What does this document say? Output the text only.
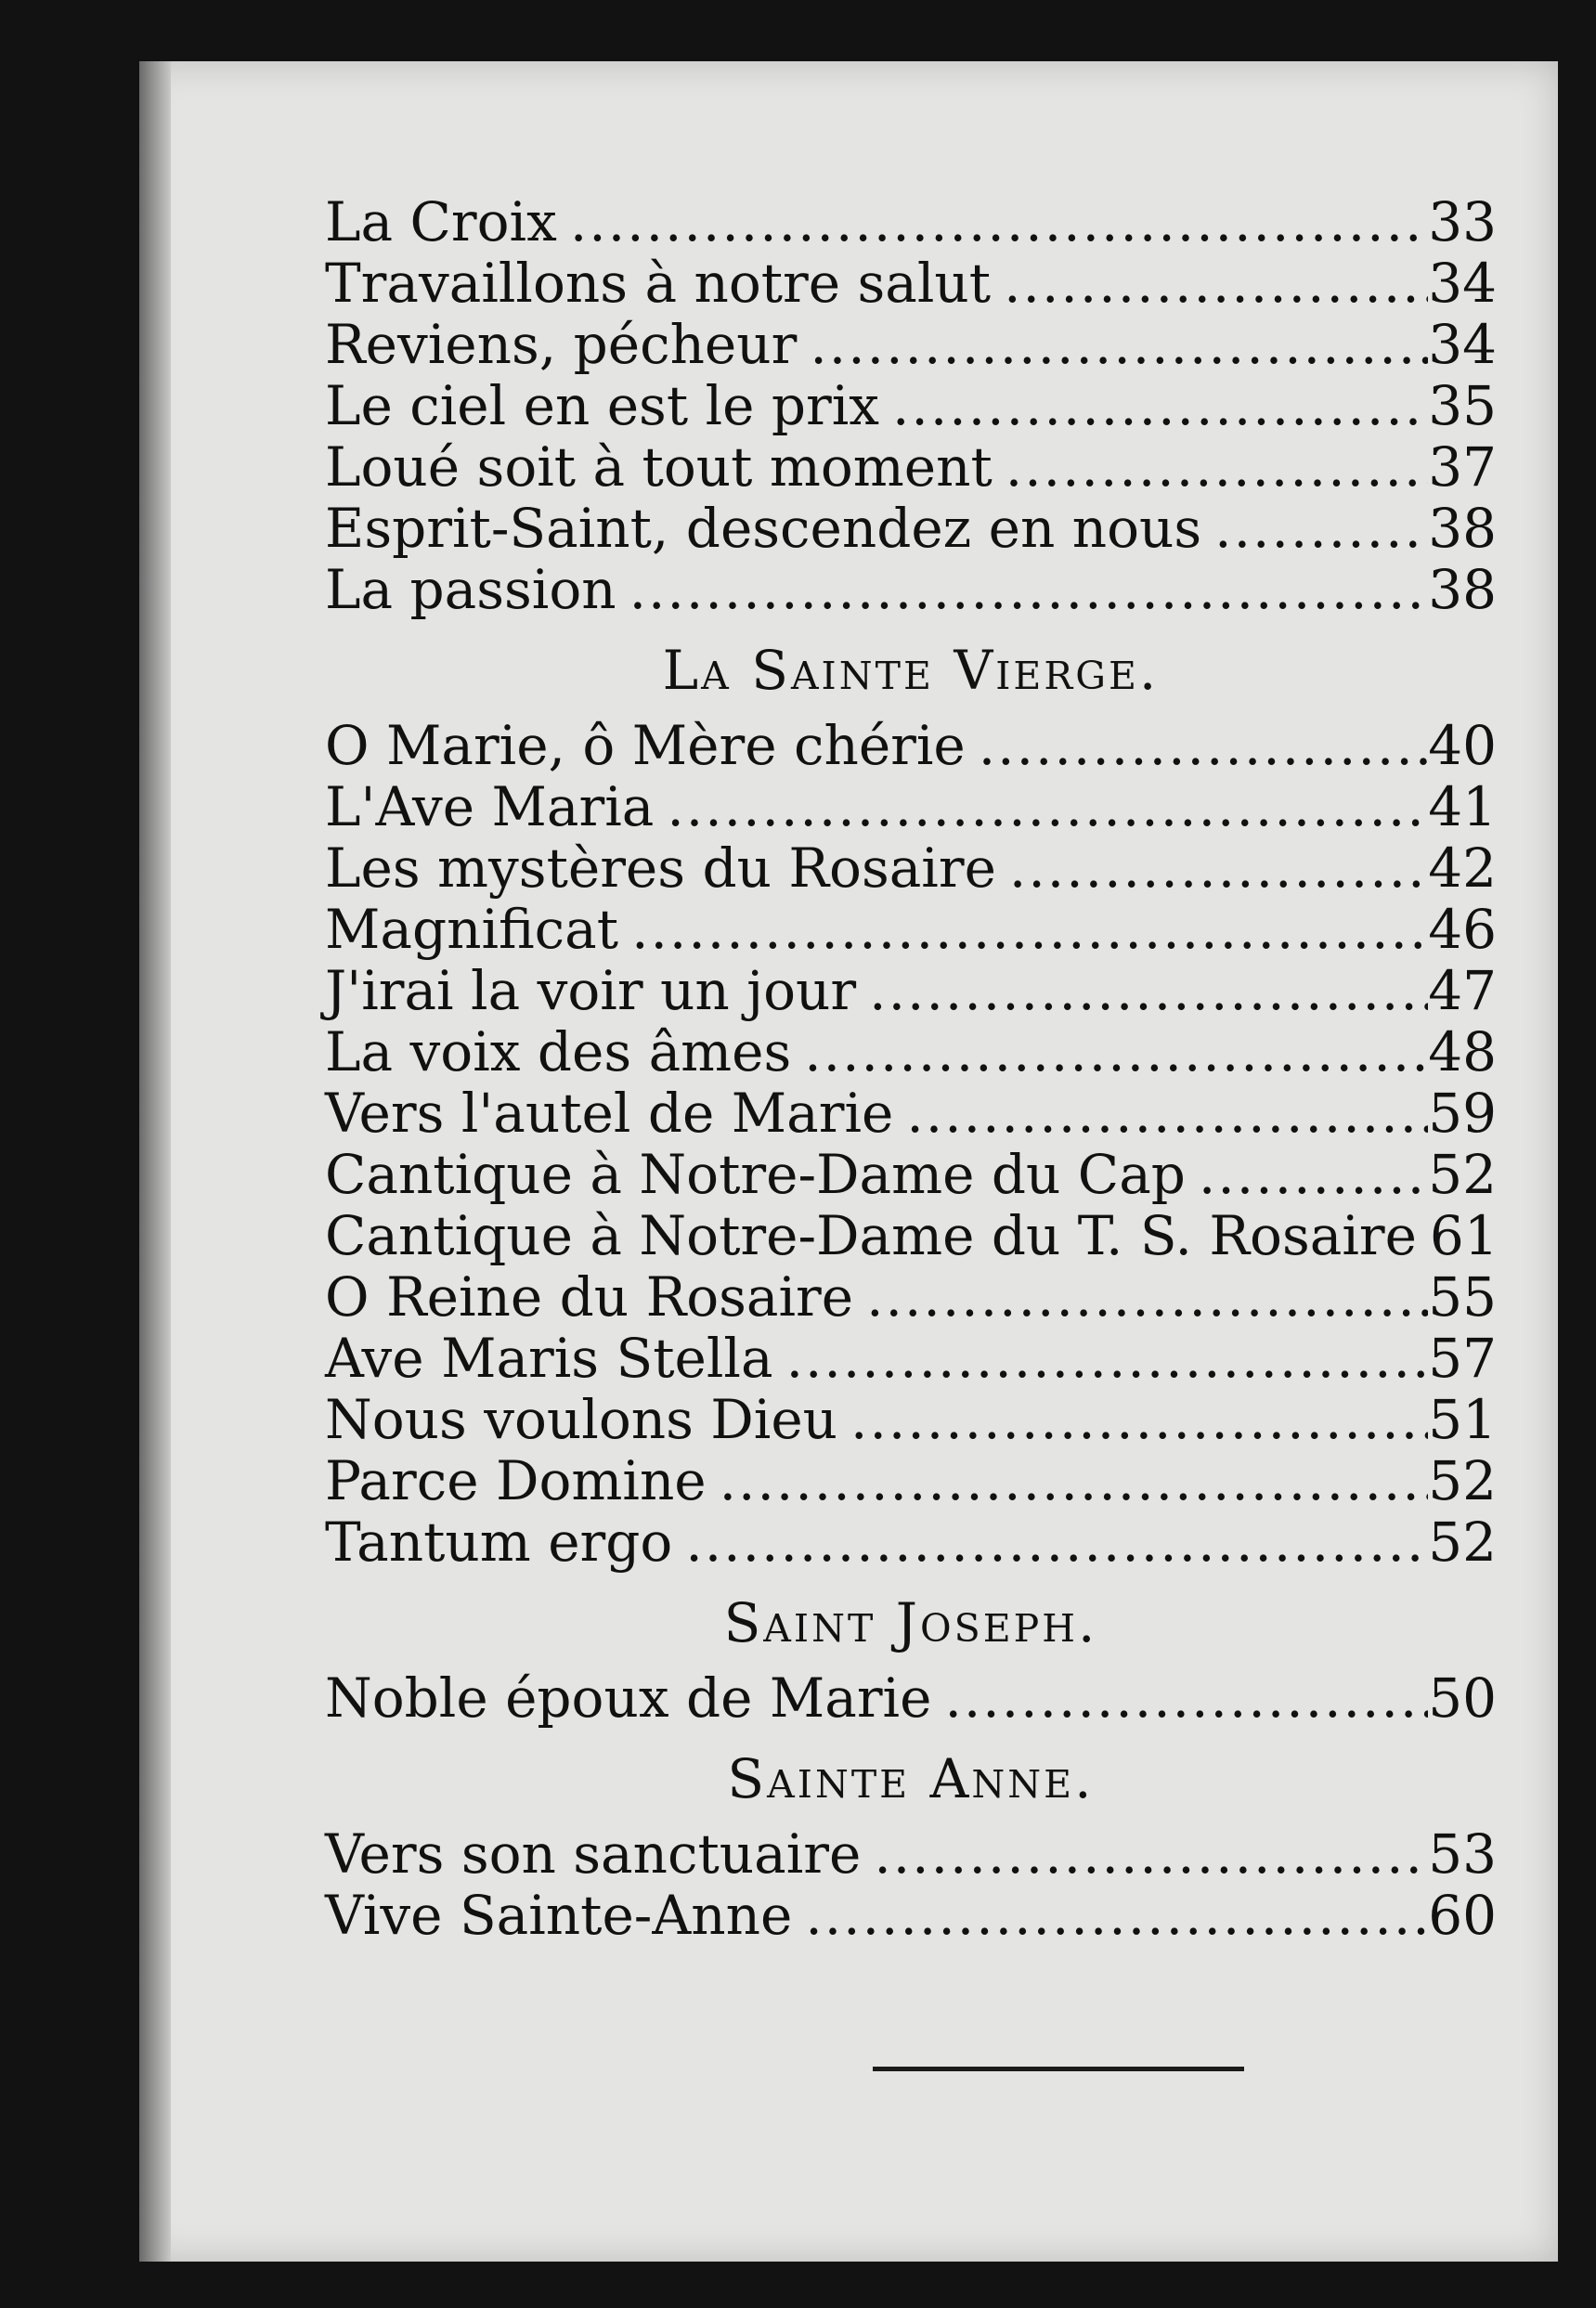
La Croix .....	33
Travaillons à notre salut .....	34
Reviens, pécheur .....	34
Le ciel en est le prix .....	35
Loué soit à tout moment .....	37
Esprit-Saint, descendez en nous .....	38
La passion .....	38
La Sainte Vierge.
O Marie, ô Mère chérie .....	40
L'Ave Maria .....	41
Les mystères du Rosaire .....	42
Magnificat .....	46
J'irai la voir un jour .....	47
La voix des âmes .....	48
Vers l'autel de Marie .....	59
Cantique à Notre-Dame du Cap .....	52
Cantique à Notre-Dame du T. S. Rosaire 61
O Reine du Rosaire .....	55
Ave Maris Stella .....	57
Nous voulons Dieu .....	51
Parce Domine .....	52
Tantum ergo .....	52
Saint Joseph.
Noble époux de Marie .....	50
Sainte Anne.
Vers son sanctuaire .....	53
Vive Sainte-Anne .....	60
